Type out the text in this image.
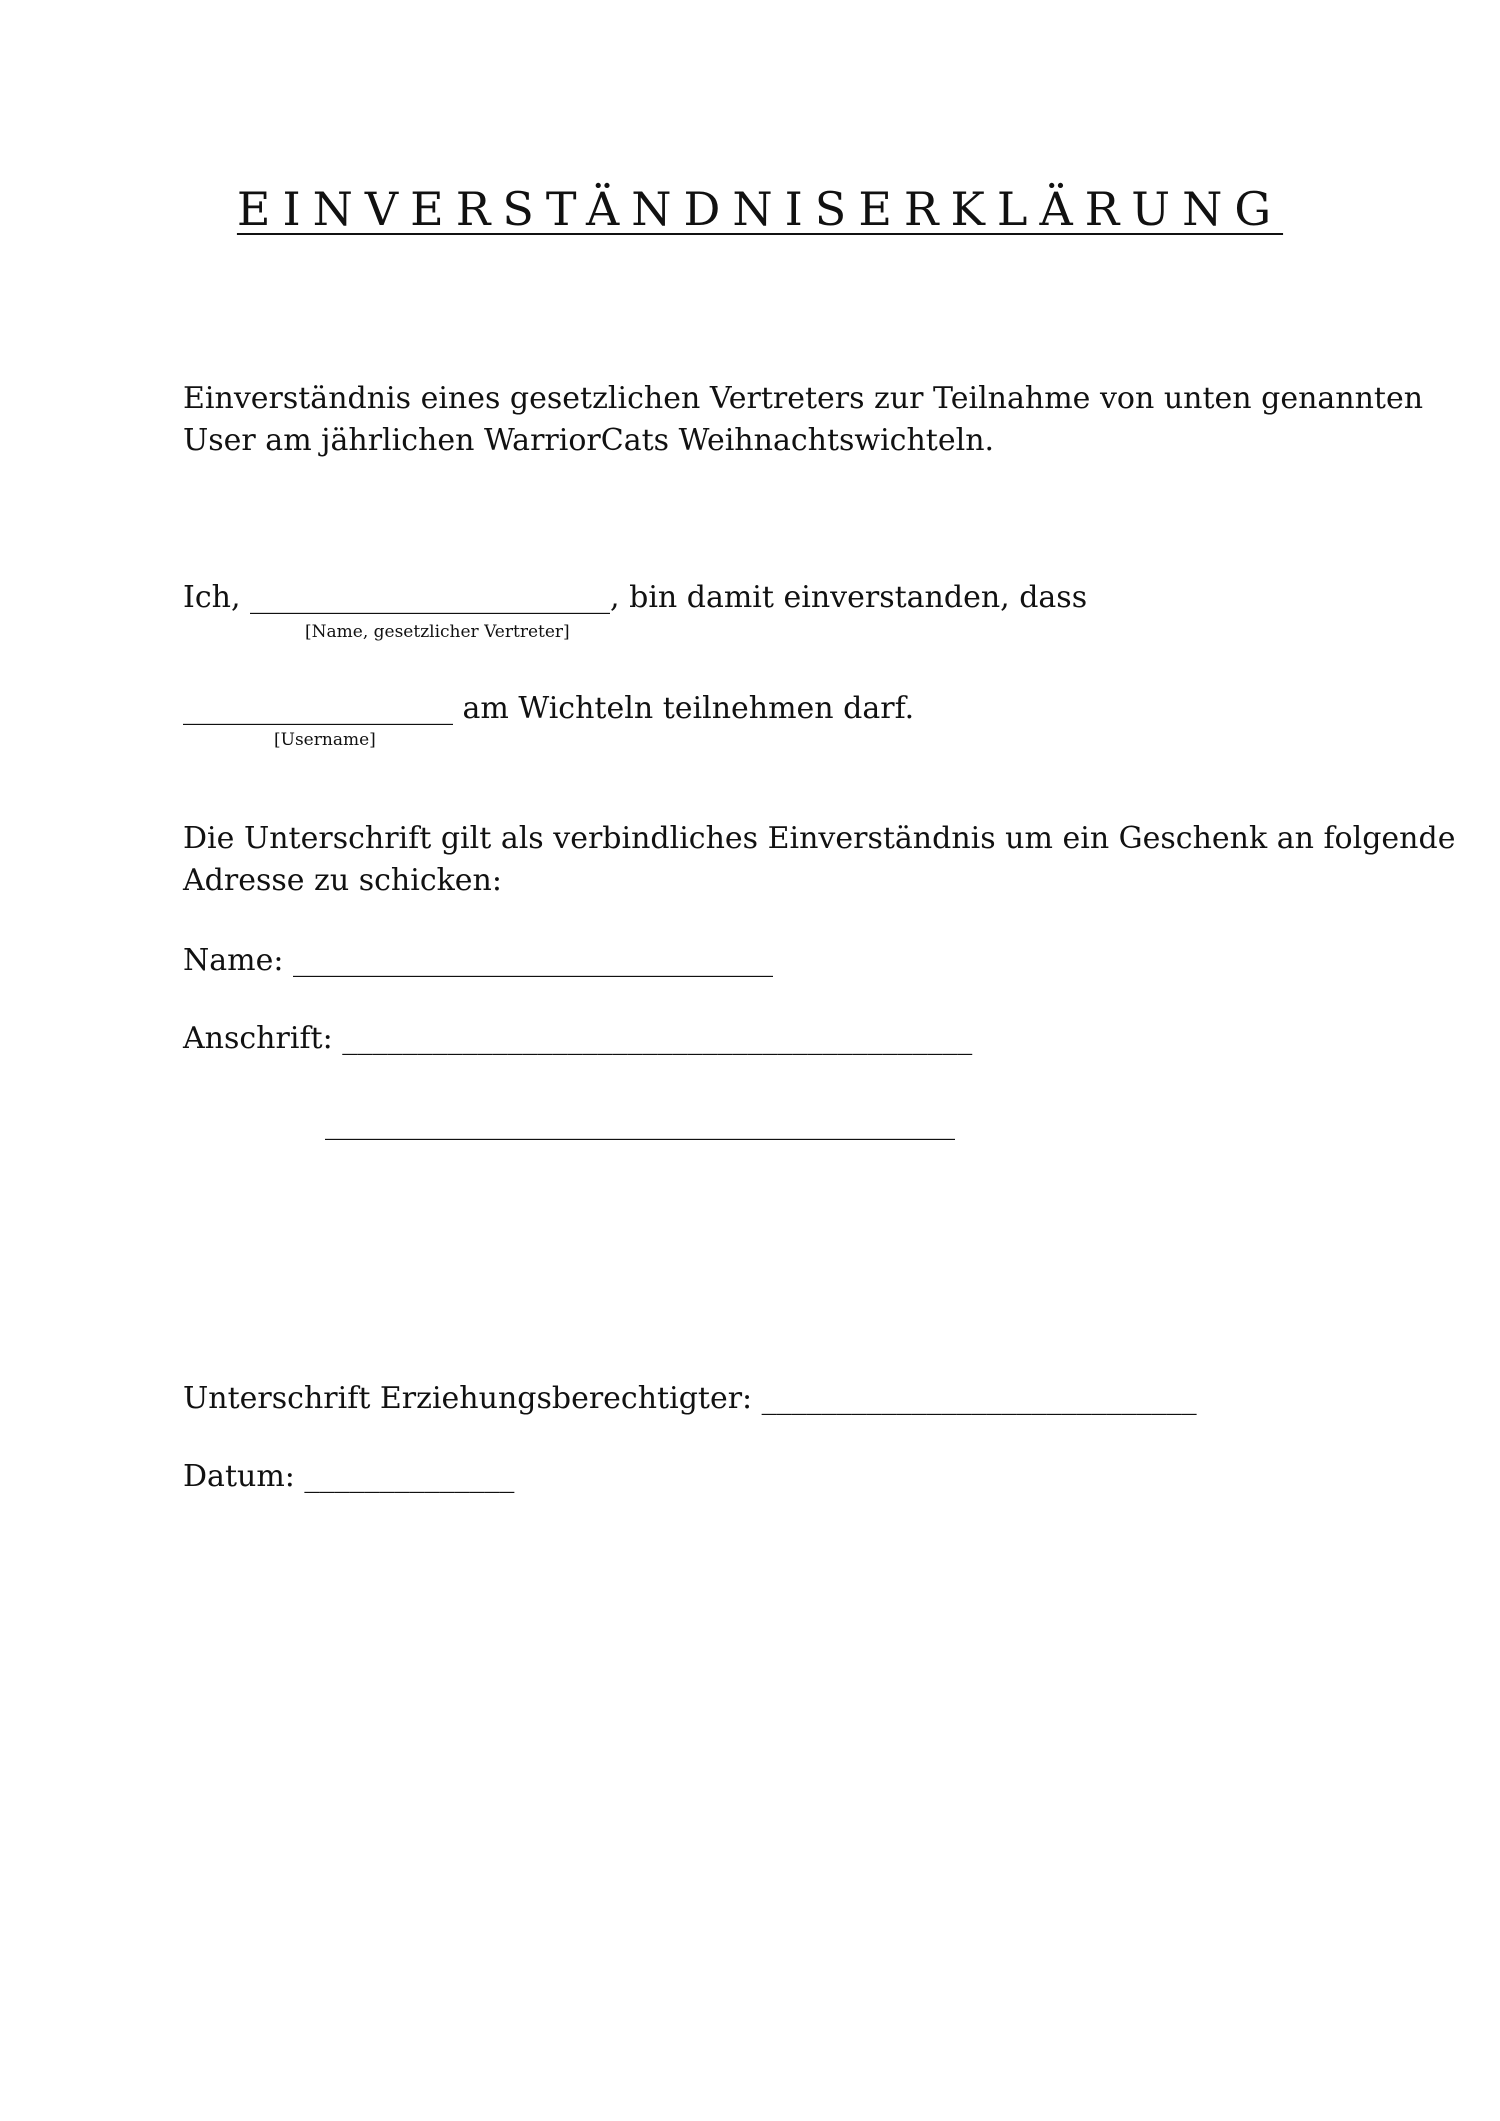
EINVERSTÄNDNISERKLÄRUNG
Einverständnis eines gesetzlichen Vertreters zur Teilnahme von unten genannten
User am jährlichen WarriorCats Weihnachtswichteln.
Ich, ________________________, bin damit einverstanden, dass
[Name, gesetzlicher Vertreter]
__________________ am Wichteln teilnehmen darf.
[Username]
Die Unterschrift gilt als verbindliches Einverständnis um ein Geschenk an folgende
Adresse zu schicken:
Name: ________________________________
Anschrift: __________________________________________
__________________________________________
Unterschrift Erziehungsberechtigter: _____________________________
Datum: ______________
